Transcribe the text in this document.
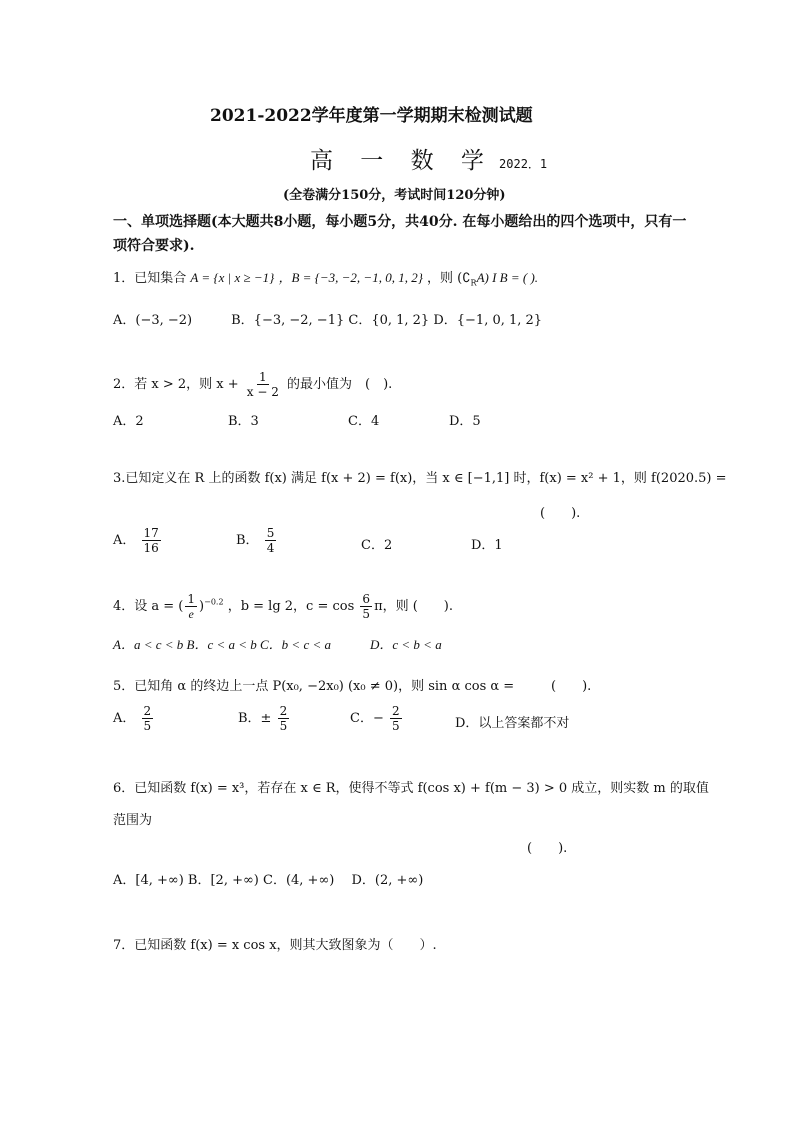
2021-2022学年度第一学期期末检测试题
高 一 数 学 2022．1
(全卷满分150分，考试时间120分钟)
一、单项选择题(本大题共8小题，每小题5分，共40分. 在每小题给出的四个选项中，只有一
项符合要求).
1．已知集合 A = {x | x ≥ −1} ，B = {−3, −2, −1, 0, 1, 2} ，则 $(∁_RA)$ I B = ( ).
A．(−3, −2)　　　B．{−3, −2, −1} C．{0, 1, 2} D．{−1, 0, 1, 2}
2．若 x > 2，则 $x + \frac{1}{x - 2}$ 的最小值为　(　).
A．2	B．3	C．4	D．5
3.已知定义在 R 上的函数 f(x) 满足 f(x + 2) = f(x)，当 x ∈ [−1,1] 时，f(x) = x² + 1，则 f(2020.5) =
(　　).
A． $\frac{17}{16}$	B． $\frac{5}{4}$	C．2	D．1
4．设 a = ( $\frac{1}{e} )^{-0.2}$ ，b = lg 2，$c = \cos \frac{6}{5}$ π，则 (　　).
A．a < c < b B．c < a < b C．b < c < a　　　D．c < b < a
5．已知角 α 的终边上一点 P(x₀, −2x₀) (x₀ ≠ 0)，则 sin α cos α =	(　　).
A． $\frac{2}{5}$	B．± $\frac{2}{5}$	C．− $\frac{2}{5}$	D．以上答案都不对
6．已知函数 f(x) = x³，若存在 x ∈ R，使得不等式 f(cos x) + f(m − 3) > 0 成立，则实数 m 的取值
范围为
(　　).
A．[4, +∞) B．[2, +∞) C．(4, +∞)　 D．(2, +∞)
7．已知函数 f(x) = x cos x，则其大致图象为（　　）.
